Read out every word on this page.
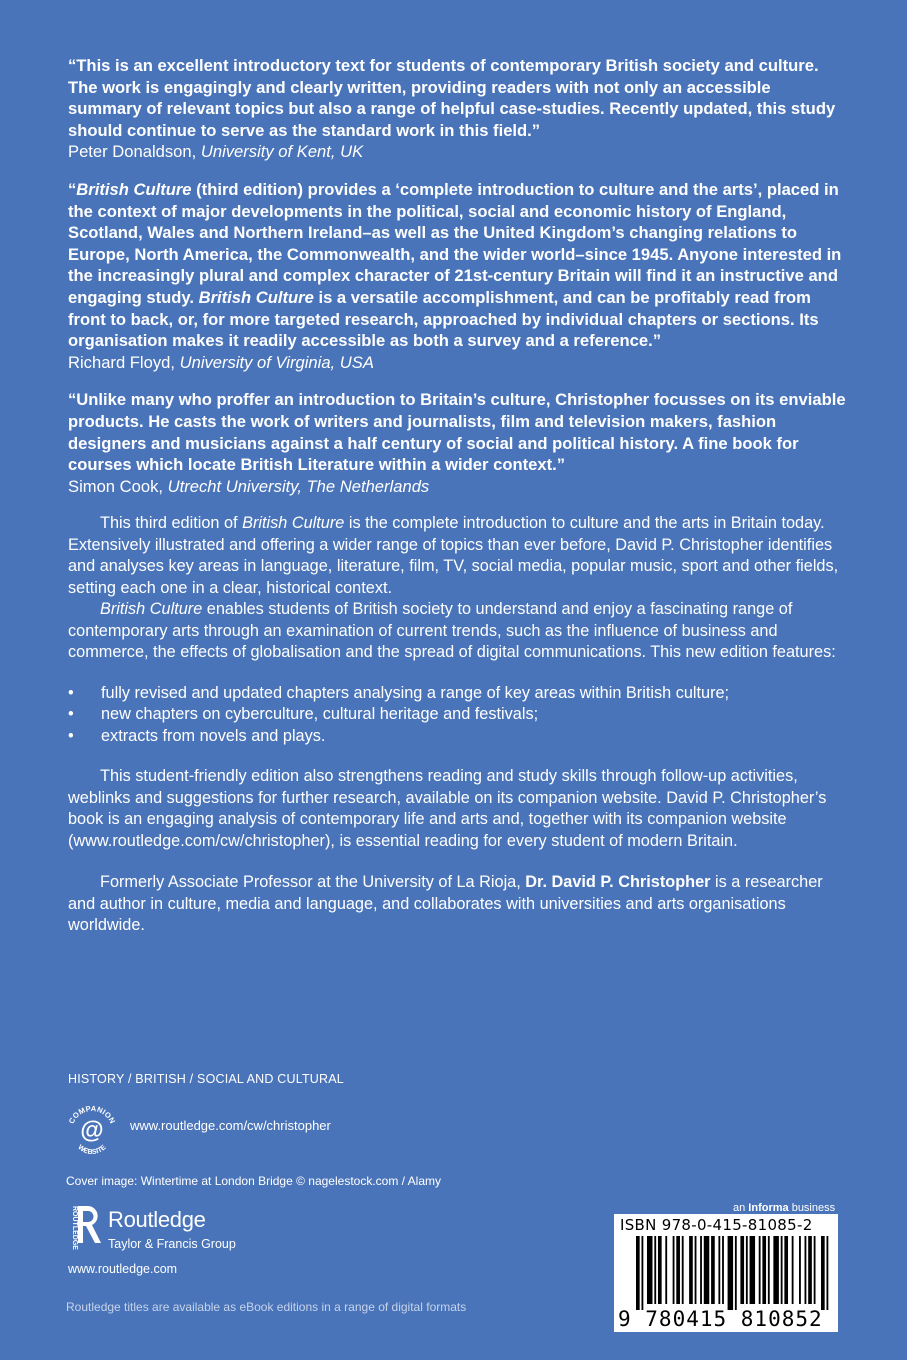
“This is an excellent introductory text for students of contemporary British society and culture. The work is engagingly and clearly written, providing readers with not only an accessible summary of relevant topics but also a range of helpful case-studies. Recently updated, this study should continue to serve as the standard work in this field.”
Peter Donaldson, University of Kent, UK
“British Culture (third edition) provides a ‘complete introduction to culture and the arts’, placed in the context of major developments in the political, social and economic history of England, Scotland, Wales and Northern Ireland–as well as the United Kingdom’s changing relations to Europe, North America, the Commonwealth, and the wider world–since 1945. Anyone interested in the increasingly plural and complex character of 21st-century Britain will find it an instructive and engaging study. British Culture is a versatile accomplishment, and can be profitably read from front to back, or, for more targeted research, approached by individual chapters or sections. Its organisation makes it readily accessible as both a survey and a reference.”
Richard Floyd, University of Virginia, USA
“Unlike many who proffer an introduction to Britain’s culture, Christopher focusses on its enviable products. He casts the work of writers and journalists, film and television makers, fashion designers and musicians against a half century of social and political history. A fine book for courses which locate British Literature within a wider context.”
Simon Cook, Utrecht University, The Netherlands

This third edition of British Culture is the complete introduction to culture and the arts in Britain today. Extensively illustrated and offering a wider range of topics than ever before, David P. Christopher identifies and analyses key areas in language, literature, film, TV, social media, popular music, sport and other fields, setting each one in a clear, historical context.

British Culture enables students of British society to understand and enjoy a fascinating range of contemporary arts through an examination of current trends, such as the influence of business and commerce, the effects of globalisation and the spread of digital communications. This new edition features:

• fully revised and updated chapters analysing a range of key areas within British culture;
• new chapters on cyberculture, cultural heritage and festivals;
• extracts from novels and plays.

This student-friendly edition also strengthens reading and study skills through follow-up activities, weblinks and suggestions for further research, available on its companion website. David P. Christopher’s book is an engaging analysis of contemporary life and arts and, together with its companion website (www.routledge.com/cw/christopher), is essential reading for every student of modern Britain.

Formerly Associate Professor at the University of La Rioja, Dr. David P. Christopher is a researcher and author in culture, media and language, and collaborates with universities and arts organisations worldwide.

HISTORY / BRITISH / SOCIAL AND CULTURAL
COMPANION
WEBSITE
@ www.routledge.com/cw/christopher
Cover image: Wintertime at London Bridge © nagelestock.com / Alamy
ROUTLEDGE Routledge
Taylor & Francis Group
www.routledge.com
Routledge titles are available as eBook editions in a range of digital formats
an Informa business
ISBN 978-0-415-81085-2
9 780415 810852
